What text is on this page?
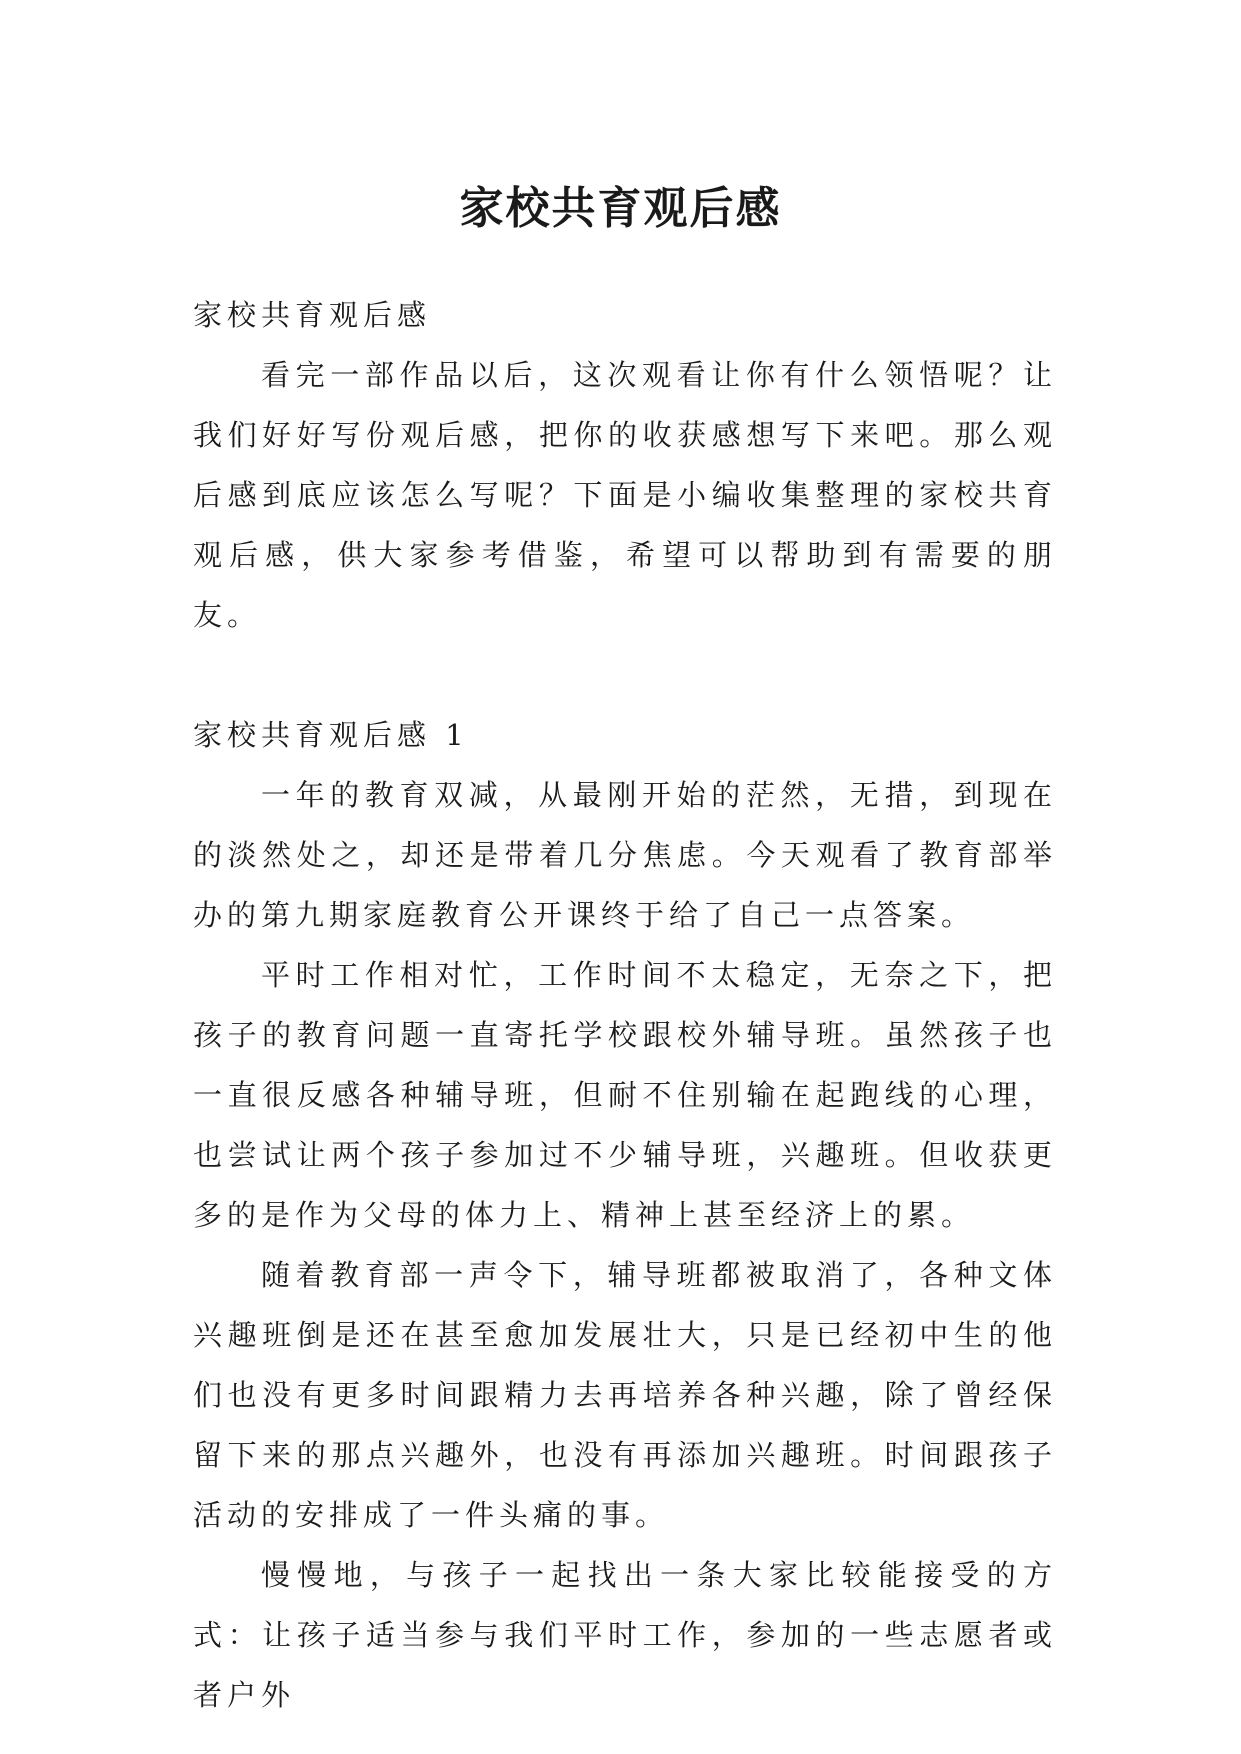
家校共育观后感

家校共育观后感

看完一部作品以后，这次观看让你有什么领悟呢？让我们好好写份观后感，把你的收获感想写下来吧。那么观后感到底应该怎么写呢？下面是小编收集整理的家校共育观后感，供大家参考借鉴，希望可以帮助到有需要的朋友。

家校共育观后感 1

一年的教育双减，从最刚开始的茫然，无措，到现在的淡然处之，却还是带着几分焦虑。今天观看了教育部举办的第九期家庭教育公开课终于给了自己一点答案。

平时工作相对忙，工作时间不太稳定，无奈之下，把孩子的教育问题一直寄托学校跟校外辅导班。虽然孩子也一直很反感各种辅导班，但耐不住别输在起跑线的心理，也尝试让两个孩子参加过不少辅导班，兴趣班。但收获更多的是作为父母的体力上、精神上甚至经济上的累。

随着教育部一声令下，辅导班都被取消了，各种文体兴趣班倒是还在甚至愈加发展壮大，只是已经初中生的他们也没有更多时间跟精力去再培养各种兴趣，除了曾经保留下来的那点兴趣外，也没有再添加兴趣班。时间跟孩子活动的安排成了一件头痛的事。

慢慢地，与孩子一起找出一条大家比较能接受的方式：让孩子适当参与我们平时工作，参加的一些志愿者或者户外
